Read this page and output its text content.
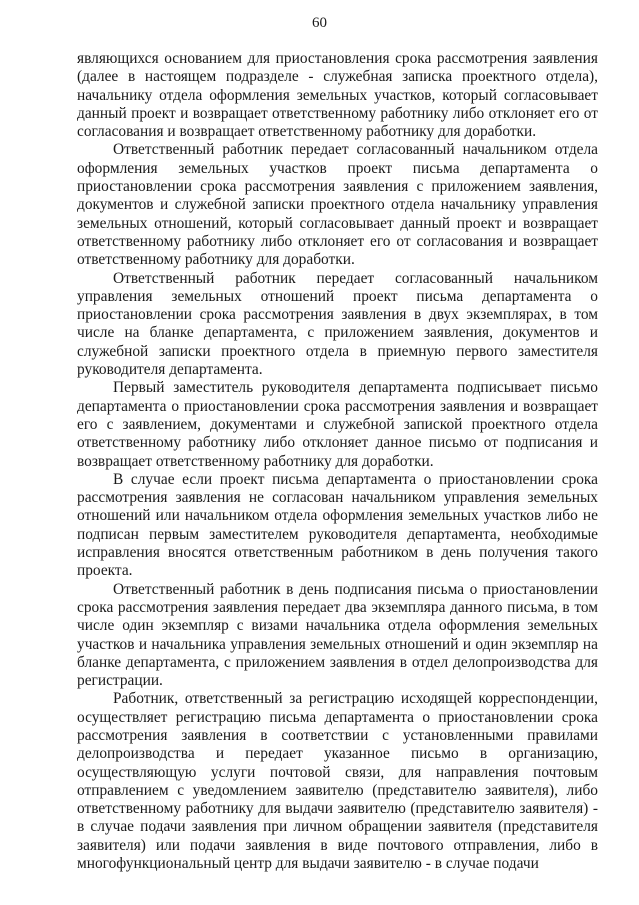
60

являющихся основанием для приостановления срока рассмотрения заявления (далее в настоящем подразделе - служебная записка проектного отдела), начальнику отдела оформления земельных участков, который согласовывает данный проект и возвращает ответственному работнику либо отклоняет его от согласования и возвращает ответственному работнику для доработки.

Ответственный работник передает согласованный начальником отдела оформления земельных участков проект письма департамента о приостановлении срока рассмотрения заявления с приложением заявления, документов и служебной записки проектного отдела начальнику управления земельных отношений, который согласовывает данный проект и возвращает ответственному работнику либо отклоняет его от согласования и возвращает ответственному работнику для доработки.

Ответственный работник передает согласованный начальником управления земельных отношений проект письма департамента о приостановлении срока рассмотрения заявления в двух экземплярах, в том числе на бланке департамента, с приложением заявления, документов и служебной записки проектного отдела в приемную первого заместителя руководителя департамента.

Первый заместитель руководителя департамента подписывает письмо департамента о приостановлении срока рассмотрения заявления и возвращает его с заявлением, документами и служебной запиской проектного отдела ответственному работнику либо отклоняет данное письмо от подписания и возвращает ответственному работнику для доработки.

В случае если проект письма департамента о приостановлении срока рассмотрения заявления не согласован начальником управления земельных отношений или начальником отдела оформления земельных участков либо не подписан первым заместителем руководителя департамента, необходимые исправления вносятся ответственным работником в день получения такого проекта.

Ответственный работник в день подписания письма о приостановлении срока рассмотрения заявления передает два экземпляра данного письма, в том числе один экземпляр с визами начальника отдела оформления земельных участков и начальника управления земельных отношений и один экземпляр на бланке департамента, с приложением заявления в отдел делопроизводства для регистрации.

Работник, ответственный за регистрацию исходящей корреспонденции, осуществляет регистрацию письма департамента о приостановлении срока рассмотрения заявления в соответствии с установленными правилами делопроизводства и передает указанное письмо в организацию, осуществляющую услуги почтовой связи, для направления почтовым отправлением с уведомлением заявителю (представителю заявителя), либо ответственному работнику для выдачи заявителю (представителю заявителя) - в случае подачи заявления при личном обращении заявителя (представителя заявителя) или подачи заявления в виде почтового отправления, либо в многофункциональный центр для выдачи заявителю - в случае подачи
